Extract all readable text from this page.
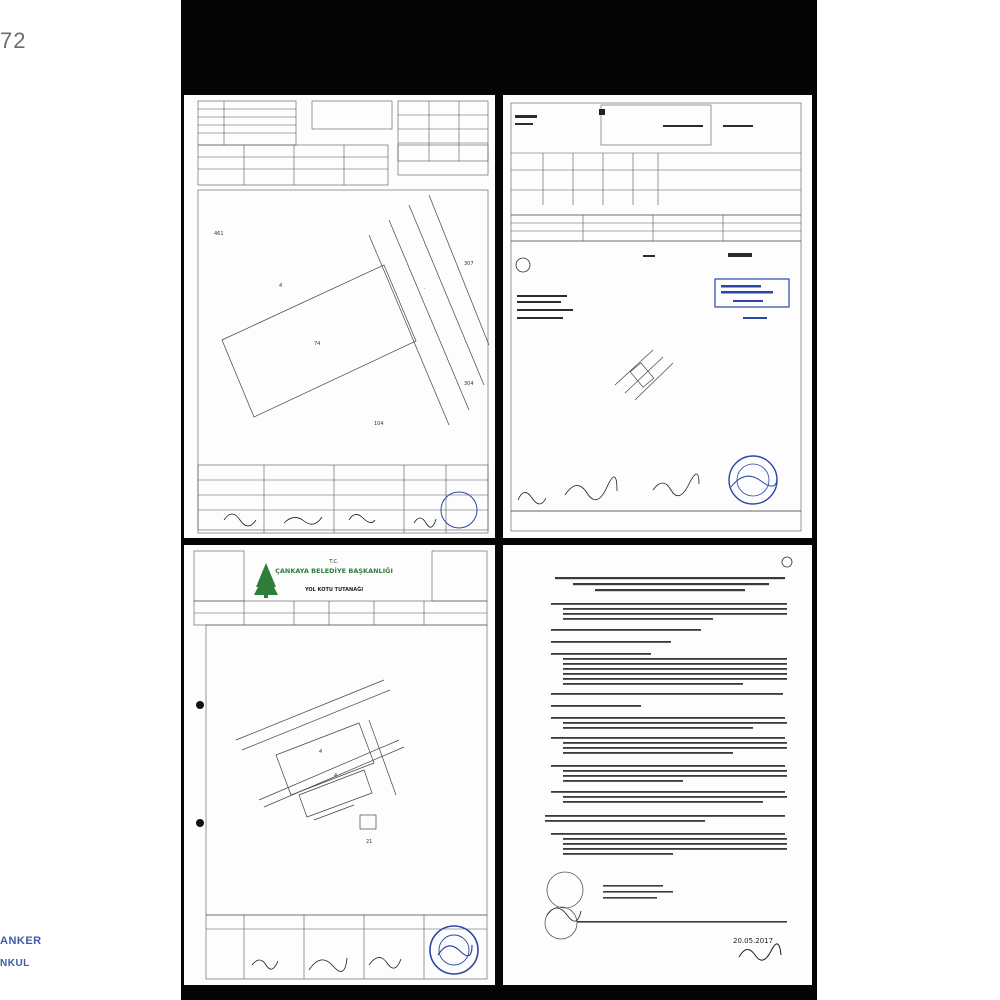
72
ANKER
NKUL
74
461
4
307
·
304
104
T.C.
ÇANKAYA BELEDİYE BAŞKANLIĞI
YOL KOTU TUTANAĞI
4
4
21
20.05.2017
